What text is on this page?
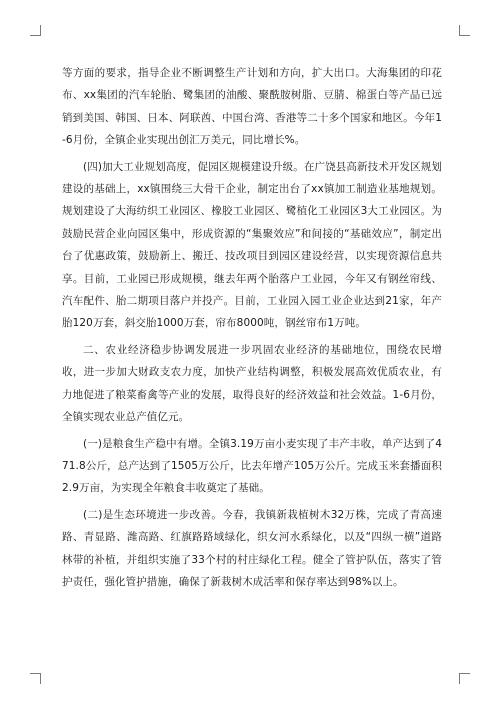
等方面的要求，指导企业不断调整生产计划和方向，扩大出口。大海集团的印花布、xx集团的汽车轮胎、鹭集团的油酸、聚酰胺树脂、豆腈、棉蛋白等产品已远销到美国、韩国、日本、阿联酋、中国台湾、香港等二十多个国家和地区。今年1-6月份，全镇企业实现出创汇万美元，同比增长%。

(四)加大工业规划高度，促园区规模建设升级。在广饶县高新技术开发区规划建设的基础上，xx镇围绕三大骨干企业，制定出台了xx镇加工制造业基地规划。规划建设了大海纺织工业园区、橡胶工业园区、鹭植化工业园区3大工业园区。为鼓励民营企业向园区集中，形成资源的“集聚效应”和间接的“基础效应”，制定出台了优惠政策，鼓励新上、搬迁、技改项目到园区建设经营，以实现资源信息共享。目前，工业园已形成规模，继去年两个胎落户工业园，今年又有钢丝帘线、汽车配件、胎二期项目落户并投产。目前，工业园入园工业企业达到21家，年产胎120万套，斜交胎1000万套，帘布8000吨，钢丝帘布1万吨。

二、农业经济稳步协调发展进一步巩固农业经济的基础地位，围绕农民增收，进一步加大财政支农力度，加快产业结构调整，积极发展高效优质农业，有力地促进了粮菜畜禽等产业的发展，取得良好的经济效益和社会效益。1-6月份，全镇实现农业总产值亿元。

(一)是粮食生产稳中有增。全镇3.19万亩小麦实现了丰产丰收，单产达到了471.8公斤，总产达到了1505万公斤，比去年增产105万公斤。完成玉米套播面积2.9万亩，为实现全年粮食丰收奠定了基础。

(二)是生态环境进一步改善。今春，我镇新栽植树木32万株，完成了青高速路、青显路、潍高路、红旗路路域绿化，织女河水系绿化，以及“四纵一横”道路林带的补植，并组织实施了33个村的村庄绿化工程。健全了管护队伍，落实了管护责任，强化管护措施，确保了新栽树木成活率和保存率达到98%以上。
